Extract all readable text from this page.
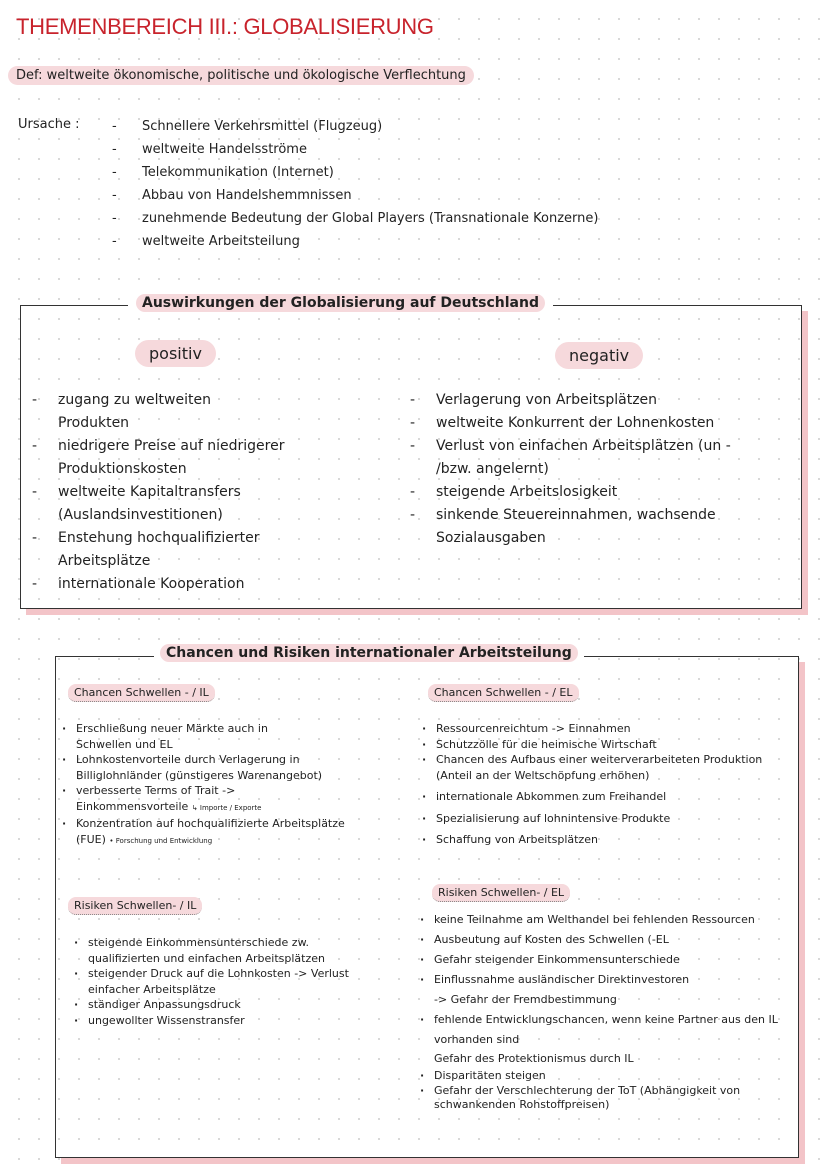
THEMENBEREICH III.: GLOBALISIERUNG
Def: weltweite ökonomische, politische und ökologische Verflechtung
Ursache :
-	Schnellere Verkehrsmittel (Flugzeug)
- weltweite Handelsströme
- Telekommunikation (Internet)
- Abbau von Handelshemmnissen
- zunehmende Bedeutung der Global Players (Transnationale Konzerne)
- weltweite Arbeitsteilung
Auswirkungen der Globalisierung auf Deutschland
positiv	negativ
- zugang zu weltweiten Produkten
- niedrigere Preise auf niedrigerer Produktionskosten
- weltweite Kapitaltransfers (Auslandsinvestitionen)
- Enstehung hochqualifizierter Arbeitsplätze
- internationale Kooperation
- Verlagerung von Arbeitsplätzen
- weltweite Konkurrent der Lohnenkosten
- Verlust von einfachen Arbeitsplätzen (un - /bzw. angelernt)
- steigende Arbeitslosigkeit
- sinkende Steuereinnahmen, wachsende Sozialausgaben
Chancen und Risiken internationaler Arbeitsteilung
Chancen Schwellen - / IL
· Erschließung neuer Märkte auch in Schwellen und EL
· Lohnkostenvorteile durch Verlagerung in Billiglohnländer (günstigeres Warenangebot)
· verbesserte Terms of Trait -> Einkommensvorteile ↳ Importe / Exporte
· Konzentration auf hochqualifizierte Arbeitsplätze (FUE) • Forschung und Entwicklung
Risiken Schwellen- / IL
· steigende Einkommensunterschiede zw. qualifizierten und einfachen Arbeitsplätzen
· steigender Druck auf die Lohnkosten -> Verlust einfacher Arbeitsplätze
· ständiger Anpassungsdruck
· ungewollter Wissenstransfer
Chancen Schwellen - / EL
· Ressourcenreichtum -> Einnahmen
· Schutzzölle für die heimische Wirtschaft
· Chancen des Aufbaus einer weiterverarbeiteten Produktion (Anteil an der Weltschöpfung erhöhen)
· internationale Abkommen zum Freihandel
· Spezialisierung auf lohnintensive Produkte
· Schaffung von Arbeitsplätzen
Risiken Schwellen- / EL
· keine Teilnahme am Welthandel bei fehlenden Ressourcen
· Ausbeutung auf Kosten des Schwellen (-EL
· Gefahr steigender Einkommensunterschiede
· Einflussnahme ausländischer Direktinvestoren
-> Gefahr der Fremdbestimmung
· fehlende Entwicklungschancen, wenn keine Partner aus den IL vorhanden sind
Gefahr des Protektionismus durch IL
· Disparitäten steigen
· Gefahr der Verschlechterung der ToT (Abhängigkeit von schwankenden Rohstoffpreisen)
